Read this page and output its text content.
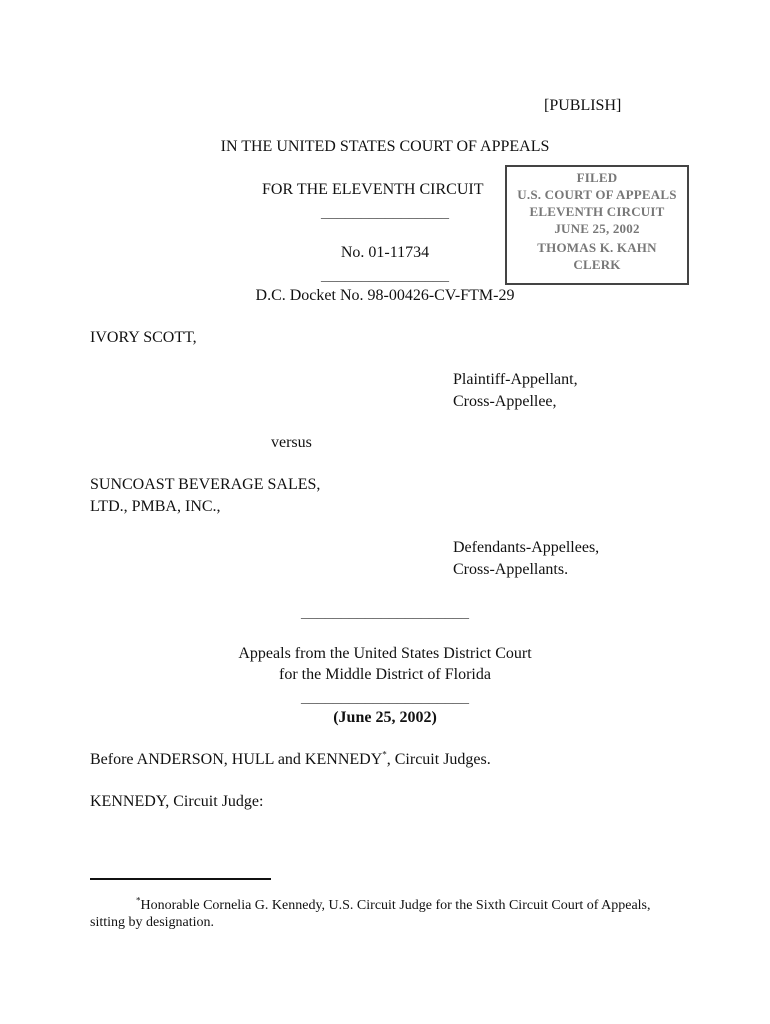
[PUBLISH]
IN THE UNITED STATES COURT OF APPEALS
FOR THE ELEVENTH CIRCUIT
________________
No. 01-11734
________________
D.C. Docket No. 98-00426-CV-FTM-29
FILED
U.S. COURT OF APPEALS
ELEVENTH CIRCUIT
JUNE 25, 2002
THOMAS K. KAHN
CLERK
IVORY SCOTT,
Plaintiff-Appellant,
Cross-Appellee,
versus
SUNCOAST BEVERAGE SALES,
LTD., PMBA, INC.,
Defendants-Appellees,
Cross-Appellants.
_____________________
Appeals from the United States District Court
for the Middle District of Florida
_____________________
(June 25, 2002)
Before ANDERSON, HULL and KENNEDY*, Circuit Judges.
KENNEDY, Circuit Judge:
*Honorable Cornelia G. Kennedy, U.S. Circuit Judge for the Sixth Circuit Court of Appeals,
sitting by designation.
